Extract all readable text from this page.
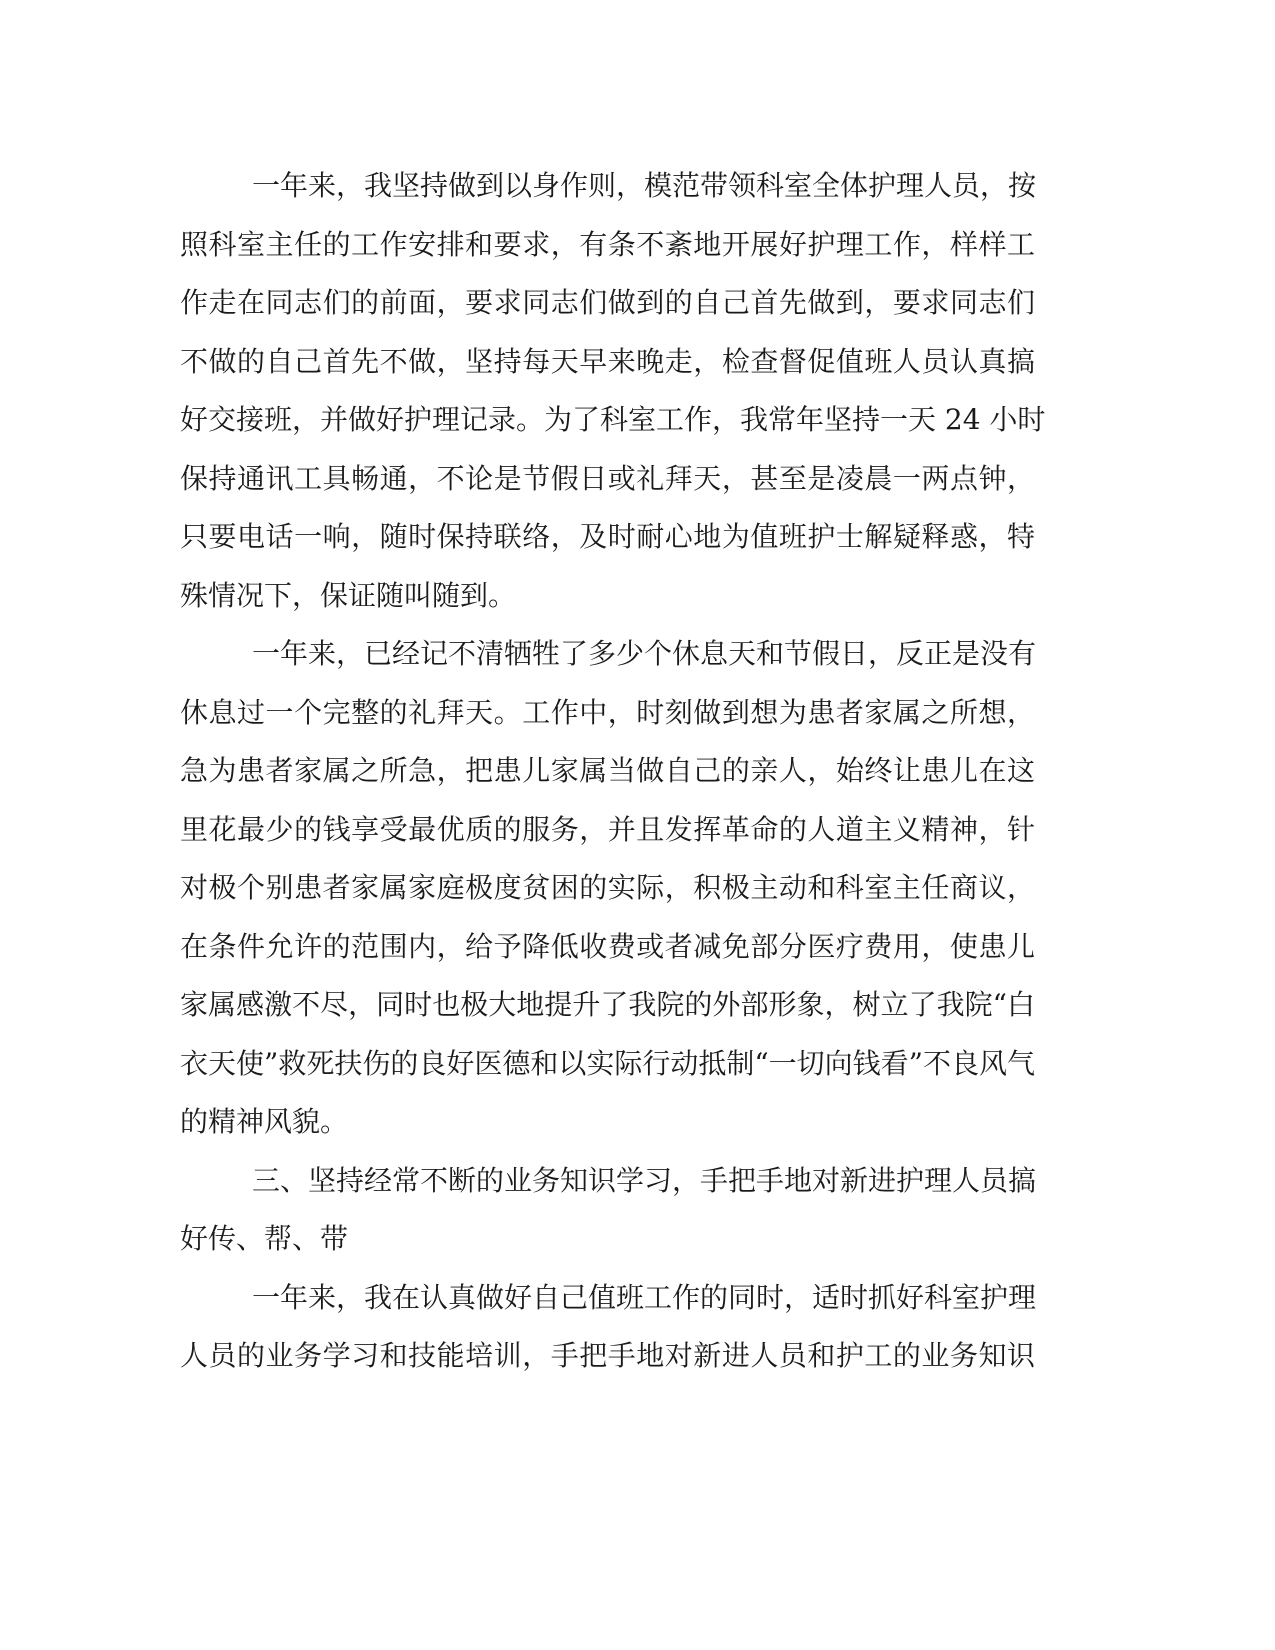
一年来，我坚持做到以身作则，模范带领科室全体护理人员，按
照科室主任的工作安排和要求，有条不紊地开展好护理工作，样样工
作走在同志们的前面，要求同志们做到的自己首先做到，要求同志们
不做的自己首先不做，坚持每天早来晚走，检查督促值班人员认真搞
好交接班，并做好护理记录。为了科室工作，我常年坚持一天 24 小时
保持通讯工具畅通，不论是节假日或礼拜天，甚至是凌晨一两点钟，
只要电话一响，随时保持联络，及时耐心地为值班护士解疑释惑，特
殊情况下，保证随叫随到。
一年来，已经记不清牺牲了多少个休息天和节假日，反正是没有
休息过一个完整的礼拜天。工作中，时刻做到想为患者家属之所想，
急为患者家属之所急，把患儿家属当做自己的亲人，始终让患儿在这
里花最少的钱享受最优质的服务，并且发挥革命的人道主义精神，针
对极个别患者家属家庭极度贫困的实际，积极主动和科室主任商议，
在条件允许的范围内，给予降低收费或者减免部分医疗费用，使患儿
家属感激不尽，同时也极大地提升了我院的外部形象，树立了我院“白
衣天使”救死扶伤的良好医德和以实际行动抵制“一切向钱看”不良风气
的精神风貌。
三、坚持经常不断的业务知识学习，手把手地对新进护理人员搞
好传、帮、带
一年来，我在认真做好自己值班工作的同时，适时抓好科室护理
人员的业务学习和技能培训，手把手地对新进人员和护工的业务知识
